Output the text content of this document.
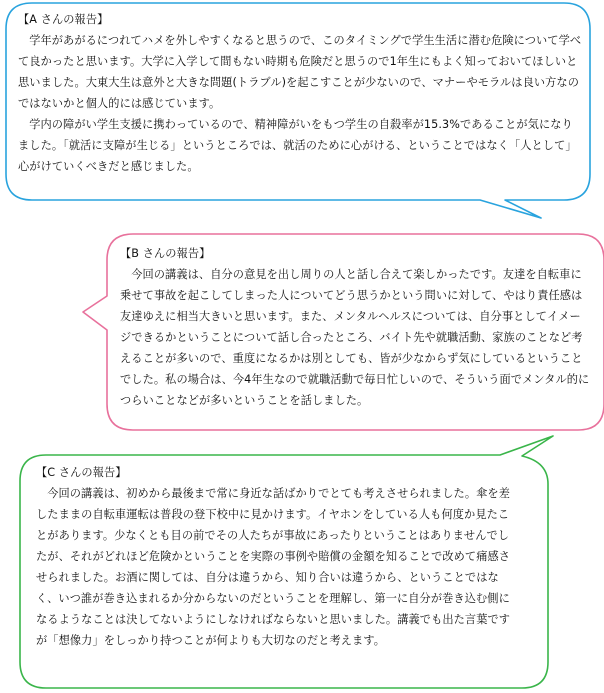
【A さんの報告】
学年があがるにつれてハメを外しやすくなると思うので、このタイミングで学生生活に潜む危険について学べて良かったと思います。大学に入学して間もない時期も危険だと思うので1年生にもよく知っておいてほしいと思いました。大東大生は意外と大きな問題(トラブル)を起こすことが少ないので、マナーやモラルは良い方なのではないかと個人的には感じています。
学内の障がい学生支援に携わっているので、精神障がいをもつ学生の自殺率が15.3%であることが気になりました。「就活に支障が生じる」というところでは、就活のために心がける、ということではなく「人として」心がけていくべきだと感じました。
【B さんの報告】
今回の講義は、自分の意見を出し周りの人と話し合えて楽しかったです。友達を自転車に乗せて事故を起こしてしまった人についてどう思うかという問いに対して、やはり責任感は友達ゆえに相当大きいと思います。また、メンタルヘルスについては、自分事としてイメージできるかということについて話し合ったところ、バイト先や就職活動、家族のことなど考えることが多いので、重度になるかは別としても、皆が少なからず気にしているということでした。私の場合は、今4年生なので就職活動で毎日忙しいので、そういう面でメンタル的につらいことなどが多いということを話しました。
【C さんの報告】
今回の講義は、初めから最後まで常に身近な話ばかりでとても考えさせられました。傘を差したままの自転車運転は普段の登下校中に見かけます。イヤホンをしている人も何度か見たことがあります。少なくとも目の前でその人たちが事故にあったりということはありませんでしたが、それがどれほど危険かということを実際の事例や賠償の金額を知ることで改めて痛感させられました。お酒に関しては、自分は違うから、知り合いは違うから、ということではなく、いつ誰が巻き込まれるか分からないのだということを理解し、第一に自分が巻き込む側になるようなことは決してないようにしなければならないと思いました。講義でも出た言葉ですが「想像力」をしっかり持つことが何よりも大切なのだと考えます。
